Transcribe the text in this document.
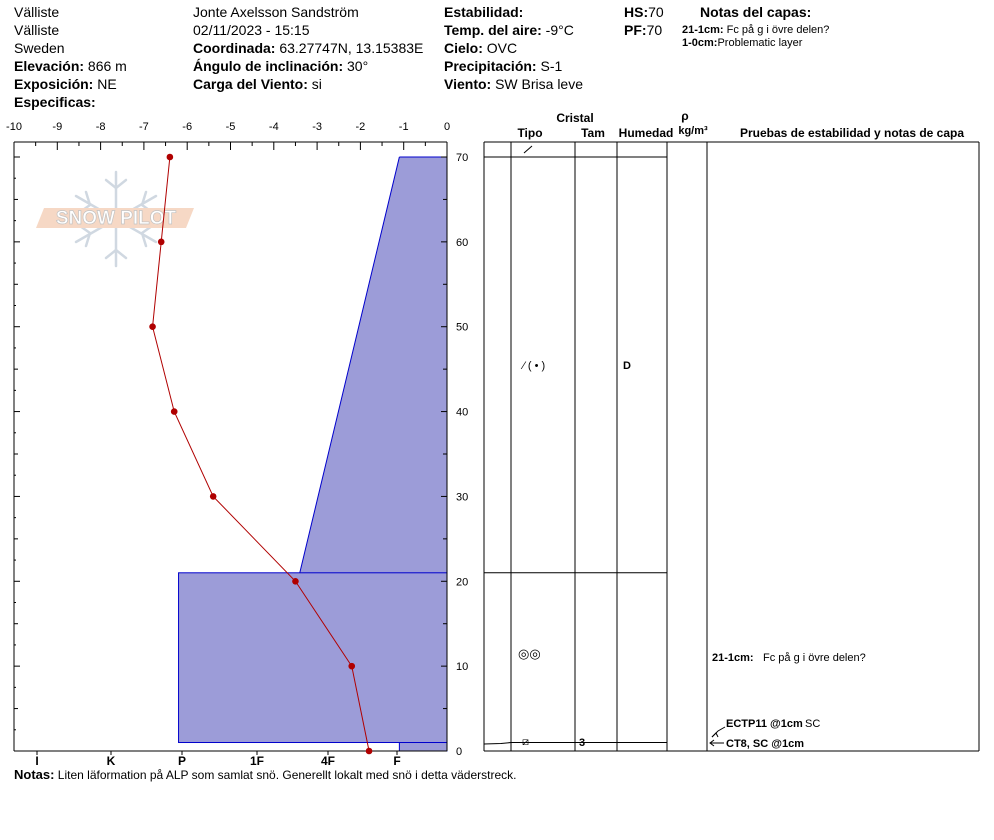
Välliste
Välliste
Sweden
Elevación: 866 m
Exposición: NE
Especificas:
Jonte Axelsson Sandström
02/11/2023 - 15:15
Coordinada: 63.27747N, 13.15383E
Ángulo de inclinación: 30°
Carga del Viento: si
Estabilidad:
Temp. del aire: -9°C
Cielo: OVC
Precipitación: S-1
Viento: SW Brisa leve
HS:70
PF:70
Notas del capas:
21-1cm: Fc på g i övre delen?
1-0cm:Problematic layer
SNOW PILOT
-10	-9	-8	-7	-6	-5	-4	-3	-2	-1	0
0
10
20
30
40
50
60
70
I	K	P	1F	4F	F
Cristal
Tipo	Tam Humedad
ρ
kg/m³	Pruebas de estabilidad y notas de capa
⁄ ( • )	D
◎◎
⧄	3
21-1cm: Fc på g i övre delen?
ECTP11 @1cm SC
CT8, SC @1cm
Notas: Liten läformation på ALP som samlat snö. Generellt lokalt med snö i detta väderstreck.
